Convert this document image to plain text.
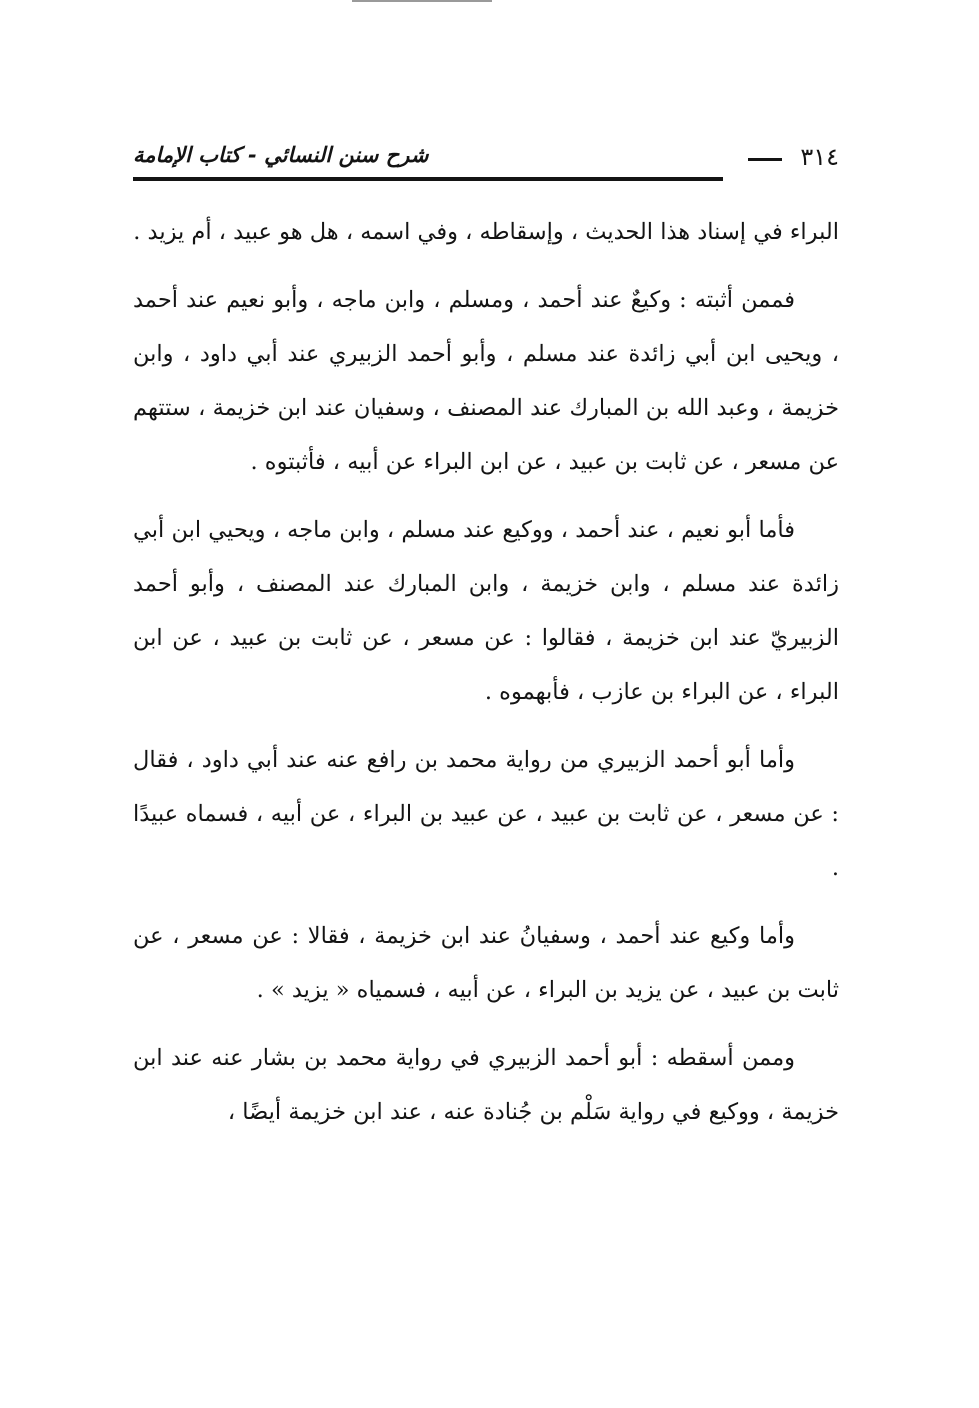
شرح سنن النسائي - كتاب الإمامة	٣١٤

البراء في إسناد هذا الحديث ، وإسقاطه ، وفي اسمه ، هل هو عبيد ، أم يزيد .

فممن أثبته : وكيعٌ عند أحمد ، ومسلم ، وابن ماجه ، وأبو نعيم عند أحمد ، ويحيى ابن أبي زائدة عند مسلم ، وأبو أحمد الزبيري عند أبي داود ، وابن خزيمة ، وعبد الله بن المبارك عند المصنف ، وسفيان عند ابن خزيمة ، ستتهم عن مسعر ، عن ثابت بن عبيد ، عن ابن البراء عن أبيه ، فأثبتوه .

فأما أبو نعيم ، عند أحمد ، ووكيع عند مسلم ، وابن ماجه ، ويحيي ابن أبي زائدة عند مسلم ، وابن خزيمة ، وابن المبارك عند المصنف ، وأبو أحمد الزبيريّ عند ابن خزيمة ، فقالوا : عن مسعر ، عن ثابت بن عبيد ، عن ابن البراء ، عن البراء بن عازب ، فأبهموه .

وأما أبو أحمد الزبيري من رواية محمد بن رافع عنه عند أبي داود ، فقال : عن مسعر ، عن ثابت بن عبيد ، عن عبيد بن البراء ، عن أبيه ، فسماه عبيدًا .

وأما وكيع عند أحمد ، وسفيانُ عند ابن خزيمة ، فقالا : عن مسعر ، عن ثابت بن عبيد ، عن يزيد بن البراء ، عن أبيه ، فسمياه « يزيد » .

وممن أسقطه : أبو أحمد الزبيري في رواية محمد بن بشار عنه عند ابن خزيمة ، ووكيع في رواية سَلْم بن جُنادة عنه ، عند ابن خزيمة أيضًا ،
